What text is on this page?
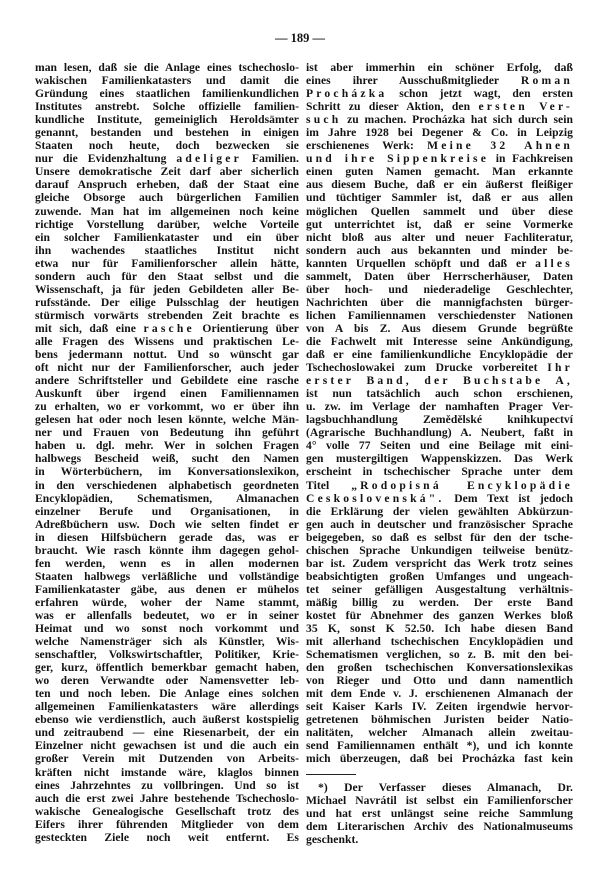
— 189 —
man lesen, daß sie die Anlage eines tschechoslo-
wakischen Familienkatasters und damit die
Gründung eines staatlichen familienkundlichen
Institutes anstrebt. Solche offizielle familien-
kundliche Institute, gemeiniglich Heroldsämter
genannt, bestanden und bestehen in einigen
Staaten noch heute, doch bezwecken sie
nur die Evidenzhaltung adeliger Familien.
Unsere demokratische Zeit darf aber sicherlich
darauf Anspruch erheben, daß der Staat eine
gleiche Obsorge auch bürgerlichen Familien
zuwende. Man hat im allgemeinen noch keine
richtige Vorstellung darüber, welche Vorteile
ein solcher Familienkataster und ein über
ihn wachendes staatliches Institut nicht
etwa nur für Familienforscher allein hätte,
sondern auch für den Staat selbst und die
Wissenschaft, ja für jeden Gebildeten aller Be-
rufsstände. Der eilige Pulsschlag der heutigen
stürmisch vorwärts strebenden Zeit brachte es
mit sich, daß eine rasche Orientierung über
alle Fragen des Wissens und praktischen Le-
bens jedermann nottut. Und so wünscht gar
oft nicht nur der Familienforscher, auch jeder
andere Schriftsteller und Gebildete eine rasche
Auskunft über irgend einen Familiennamen
zu erhalten, wo er vorkommt, wo er über ihn
gelesen hat oder noch lesen könnte, welche Män-
ner und Frauen von Bedeutung ihn geführt
haben u. dgl. mehr. Wer in solchen Fragen
halbwegs Bescheid weiß, sucht den Namen
in Wörterbüchern, im Konversationslexikon,
in den verschiedenen alphabetisch geordneten
Encyklopädien, Schematismen, Almanachen
einzelner Berufe und Organisationen, in
Adreßbüchern usw. Doch wie selten findet er
in diesen Hilfsbüchern gerade das, was er
braucht. Wie rasch könnte ihm dagegen gehol-
fen werden, wenn es in allen modernen
Staaten halbwegs verläßliche und vollständige
Familienkataster gäbe, aus denen er mühelos
erfahren würde, woher der Name stammt,
was er allenfalls bedeutet, wo er in seiner
Heimat und wo sonst noch vorkommt und
welche Namensträger sich als Künstler, Wis-
senschaftler, Volkswirtschaftler, Politiker, Krie-
ger, kurz, öffentlich bemerkbar gemacht haben,
wo deren Verwandte oder Namensvetter leb-
ten und noch leben. Die Anlage eines solchen
allgemeinen Familienkatasters wäre allerdings
ebenso wie verdienstlich, auch äußerst kostspielig
und zeitraubend — eine Riesenarbeit, der ein
Einzelner nicht gewachsen ist und die auch ein
großer Verein mit Dutzenden von Arbeits-
kräften nicht imstande wäre, klaglos binnen
eines Jahrzehntes zu vollbringen. Und so ist
auch die erst zwei Jahre bestehende Tschechoslo-
wakische Genealogische Gesellschaft trotz des
Eifers ihrer führenden Mitglieder von dem
gesteckten Ziele noch weit entfernt. Es
ist aber immerhin ein schöner Erfolg, daß
eines ihrer Ausschußmitglieder Roman
Procházka schon jetzt wagt, den ersten
Schritt zu dieser Aktion, den ersten Ver-
such zu machen. Procházka hat sich durch sein
im Jahre 1928 bei Degener & Co. in Leipzig
erschienenes Werk: Meine 32 Ahnen
und ihre Sippenkreise in Fachkreisen
einen guten Namen gemacht. Man erkannte
aus diesem Buche, daß er ein äußerst fleißiger
und tüchtiger Sammler ist, daß er aus allen
möglichen Quellen sammelt und über diese
gut unterrichtet ist, daß er seine Vormerke
nicht bloß aus alter und neuer Fachliteratur,
sondern auch aus bekannten und minder be-
kannten Urquellen schöpft und daß er alles
sammelt, Daten über Herrscherhäuser, Daten
über hoch- und niederadelige Geschlechter,
Nachrichten über die mannigfachsten bürger-
lichen Familiennamen verschiedenster Nationen
von A bis Z. Aus diesem Grunde begrüßte
die Fachwelt mit Interesse seine Ankündigung,
daß er eine familienkundliche Encyklopädie der
Tschechoslowakei zum Drucke vorbereitet Ihr
erster Band, der Buchstabe A,
ist nun tatsächlich auch schon erschienen,
u. zw. im Verlage der namhaften Prager Ver-
lagsbuchhandlung Zemědělské knihkupectví
(Agrarische Buchhandlung) A. Neubert, faßt in
4° volle 77 Seiten und eine Beilage mit eini-
gen mustergiltigen Wappenskizzen. Das Werk
erscheint in tschechischer Sprache unter dem
Titel „Rodopisná Encyklopädie
Ceskoslovenská". Dem Text ist jedoch
die Erklärung der vielen gewählten Abkürzun-
gen auch in deutscher und französischer Sprache
beigegeben, so daß es selbst für den der tsche-
chischen Sprache Unkundigen teilweise benütz-
bar ist. Zudem verspricht das Werk trotz seines
beabsichtigten großen Umfanges und ungeach-
tet seiner gefälligen Ausgestaltung verhältnis-
mäßig billig zu werden. Der erste Band
kostet für Abnehmer des ganzen Werkes bloß
35 K, sonst K 52.50. Ich habe diesen Band
mit allerhand tschechischen Encyklopädien und
Schematismen verglichen, so z. B. mit den bei-
den großen tschechischen Konversationslexikas
von Rieger und Otto und dann namentlich
mit dem Ende v. J. erschienenen Almanach der
seit Kaiser Karls IV. Zeiten irgendwie hervor-
getretenen böhmischen Juristen beider Natio-
nalitäten, welcher Almanach allein zweitau-
send Familiennamen enthält *), und ich konnte
mich überzeugen, daß bei Procházka fast kein
*) Der Verfasser dieses Almanach, Dr.
Michael Navrátil ist selbst ein Familienforscher
und hat erst unlängst seine reiche Sammlung
dem Literarischen Archiv des Nationalmuseums
geschenkt.
